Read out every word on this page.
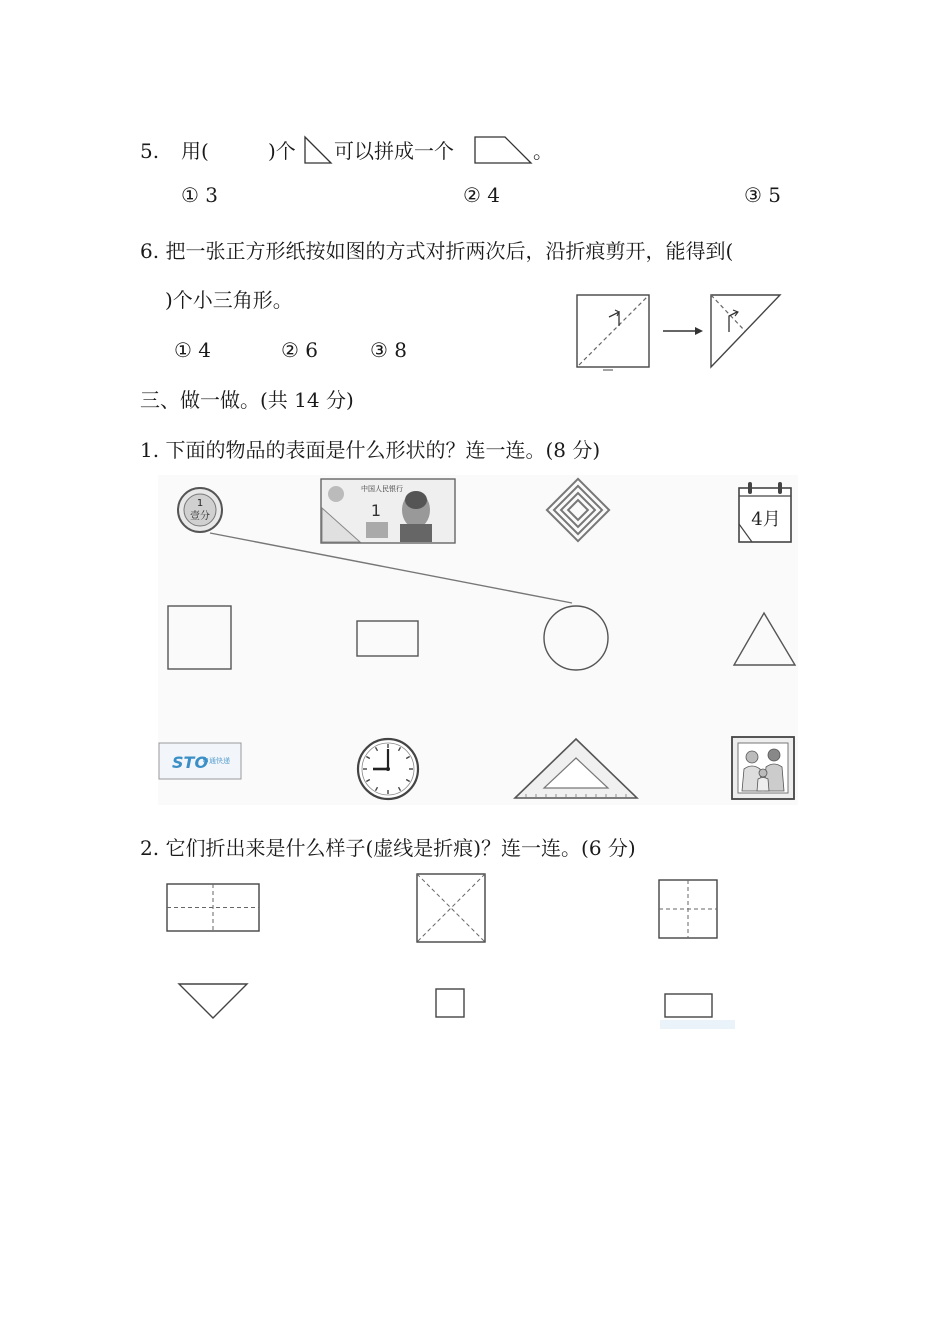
5. 用(	)个 可以拼成一个	。
① 3	② 4	③ 5
6. 把一张正方形纸按如图的方式对折两次后，沿折痕剪开，能得到(
)个小三角形。
① 4	② 6	③ 8
三、做一做。(共 14 分)
1. 下面的物品的表面是什么形状的？连一连。(8 分)
1
壹分
中国人民银行
1	4月
STO
申通快递
2. 它们折出来是什么样子(虚线是折痕)？连一连。(6 分)
